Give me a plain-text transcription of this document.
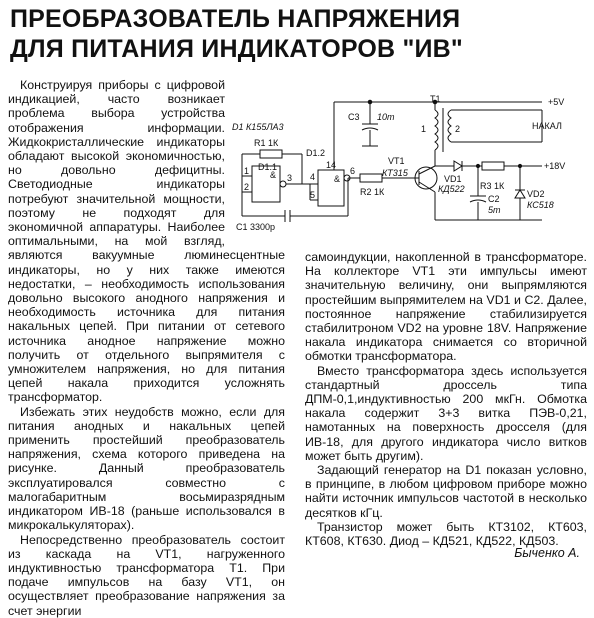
ПРЕОБРАЗОВАТЕЛЬ НАПРЯЖЕНИЯ
ДЛЯ ПИТАНИЯ ИНДИКАТОРОВ "ИВ"
+5V
С3 10m
T1
1	2	НАКАЛ
VT1
КТ315
R2 1К
VD1
КД522 R3 1К
+18V
С2
5m
VD2
КС518
D1 К155ЛА3
R1 1К
D1.2
D1.1
&
1
2
3	&
4
5
6
14
С1 3300p

Конструируя приборы с цифровой индикацией, часто возникает проблема выбора устройства отображения информации. Жидкокристаллические индикаторы обладают высокой экономичностью, но довольно дефицитны. Светодиодные индикаторы потребуют значительной мощности, поэтому не подходят для экономичной аппаратуры. Наиболее оптимальными, на мой взгляд, являются вакуумные люминесцентные индикаторы, но у них также имеются недостатки, – необходимость использования довольно высокого анодного напряжения и необходимость источника для питания накальных цепей. При питании от сетевого источника анодное напряжение можно получить от отдельного выпрямителя с умножителем напряжения, но для питания цепей накала приходится усложнять трансформатор.

Избежать этих неудобств можно, если для питания анодных и накальных цепей применить простейший преобразователь напряжения, схема которого приведена на рисунке. Данный преобразователь эксплуатировался совместно с малогабаритным восьмиразрядным индикатором ИВ-18 (раньше использовался в микрокалькуляторах).

Непосредственно преобразователь состоит из каскада на VT1, нагруженного индуктивностью трансформатора Т1. При подаче импульсов на базу VT1, он осуществляет преобразование напряжения за счет энергии

самоиндукции, накопленной в трансформаторе. На коллекторе VT1 эти импульсы имеют значительную величину, они выпрямляются простейшим выпрямителем на VD1 и C2. Далее, постоянное напряжение стабилизируется стабилитроном VD2 на уровне 18V. Напряжение накала индикатора снимается со вторичной обмотки трансформатора.

Вместо трансформатора здесь используется стандартный дроссель типа ДПМ-0,1,индуктивностью 200 мкГн. Обмотка накала содержит 3+3 витка ПЭВ-0,21, намотанных на поверхность дросселя (для ИВ-18, для другого индикатора число витков может быть другим).

Задающий генератор на D1 показан условно, в принципе, в любом цифровом приборе можно найти источник импульсов частотой в несколько десятков кГц.

Транзистор может быть КТ3102, КТ603, КТ608, КТ630. Диод – КД521, КД522, КД503.

Быченко А.
